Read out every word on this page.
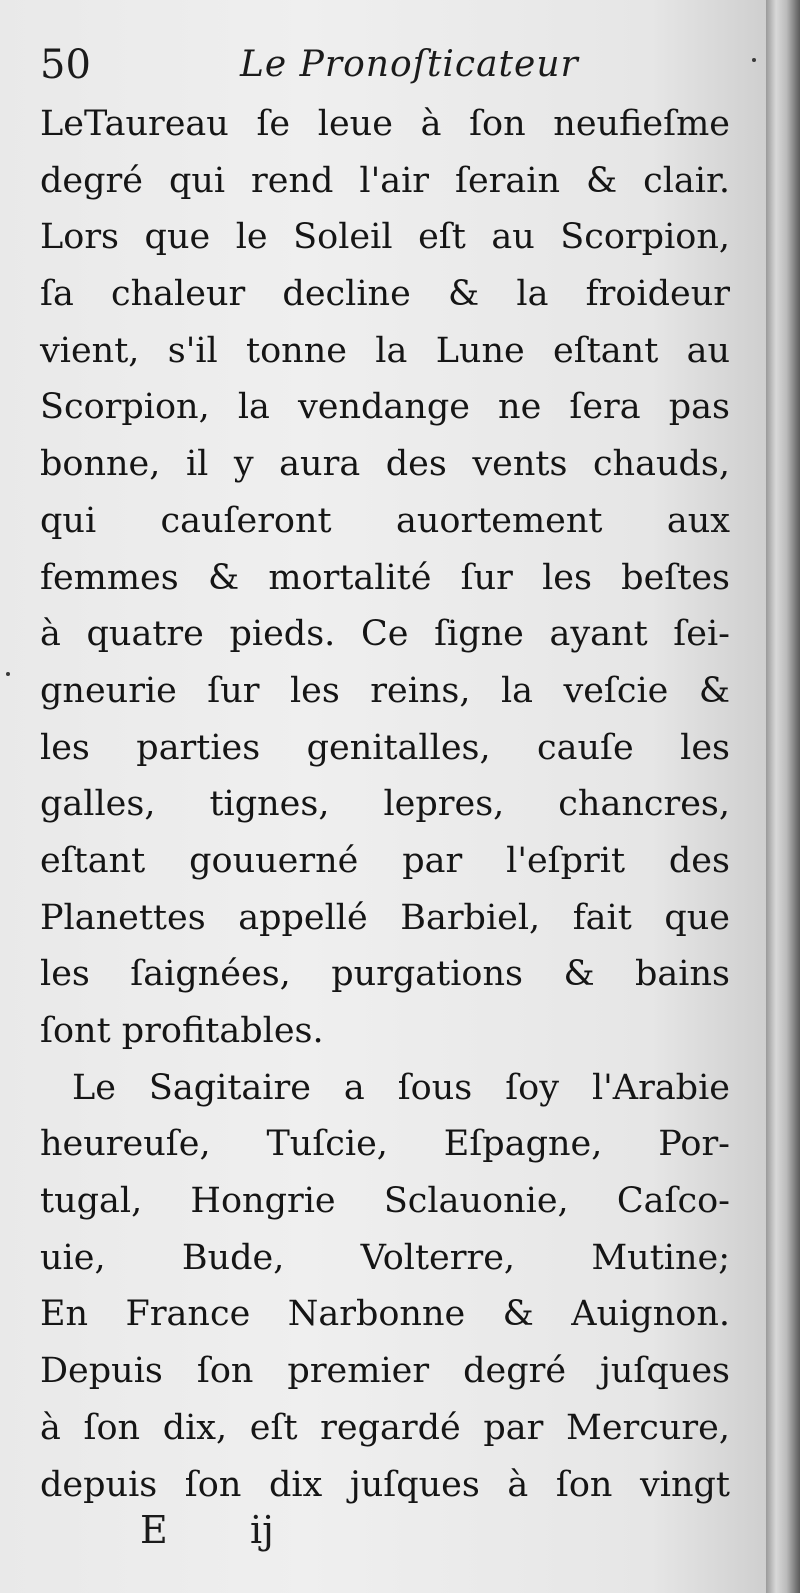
50	Le Pronoſticateur
LeTaureau ſe leue à ſon neufieſme
degré qui rend l'air ſerain & clair.
Lors que le Soleil eſt au Scorpion,
ſa chaleur decline & la froideur
vient, s'il tonne la Lune eſtant au
Scorpion, la vendange ne ſera pas
bonne, il y aura des vents chauds,
qui cauſeront auortement aux
femmes & mortalité ſur les beſtes
à quatre pieds. Ce ſigne ayant ſei-
gneurie ſur les reins, la veſcie &
les parties genitalles, cauſe les
galles, tignes, lepres, chancres,
eſtant gouuerné par l'eſprit des
Planettes appellé Barbiel, fait que
les ſaignées, purgations & bains
ſont profitables.
Le Sagitaire a ſous ſoy l'Arabie
heureuſe, Tuſcie, Eſpagne, Por-
tugal, Hongrie Sclauonie, Caſco-
uie, Bude, Volterre, Mutine;
En France Narbonne & Auignon.
Depuis ſon premier degré juſques
à ſon dix, eſt regardé par Mercure,
depuis ſon dix juſques à ſon vingt
E ij
